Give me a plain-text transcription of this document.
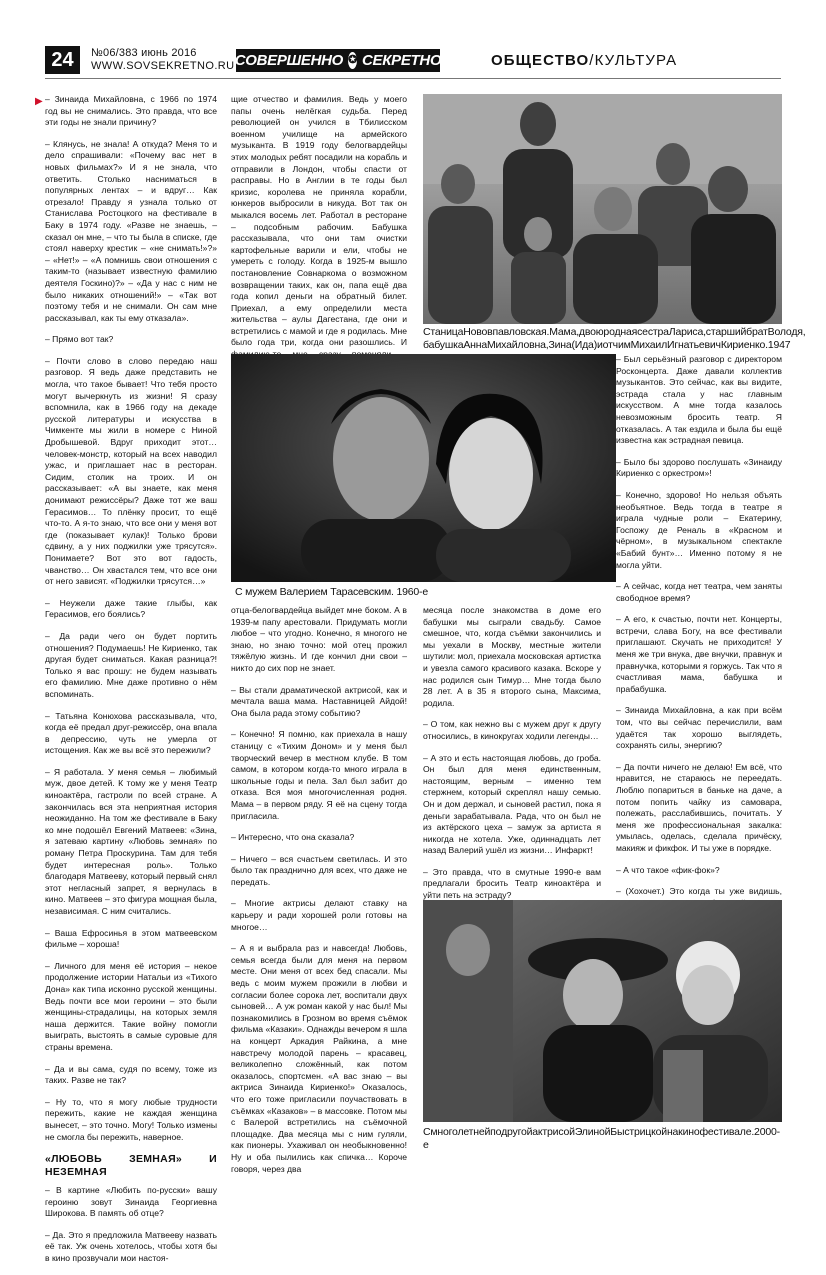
24	№06/383 июнь 2016
WWW.SOVSEKRETNO.RU СОВЕРШЕННО ✪ СЕКРЕТНО	ОБЩЕСТВО/КУЛЬТУРА
▶ – Зинаида Михайловна, с 1966 по 1974 год вы не снимались. Это правда, что все эти годы не знали причину?

– Клянусь, не знала! А откуда? Меня то и дело спрашивали: «Почему вас нет в новых фильмах?» И я не знала, что ответить. Столько насниматься в популярных лентах – и вдруг… Как отрезало! Правду я узнала только от Станислава Ростоцкого на фестивале в Баку в 1974 году. «Разве не знаешь, – сказал он мне, – что ты была в списке, где стоял наверху крестик – «не снимать!»?» – «Нет!» – «А помнишь свои отношения с таким-то (называет известную фамилию деятеля Госкино)?» – «Да у нас с ним не было никаких отношений!» – «Так вот поэтому тебя и не снимали. Он сам мне рассказывал, как ты ему отказала».

– Прямо вот так?

– Почти слово в слово передаю наш разговор. Я ведь даже представить не могла, что такое бывает! Что тебя просто могут вычеркнуть из жизни! Я сразу вспомнила, как в 1966 году на декаде русской литературы и искусства в Чимкенте мы жили в номере с Ниной Дробышевой. Вдруг приходит этот… человек-монстр, который на всех наводил ужас, и приглашает нас в ресторан. Сидим, столик на троих. И он рассказывает: «А вы знаете, как меня донимают режиссёры? Даже тот же ваш Герасимов… То плёнку просит, то ещё что-то. А я-то знаю, что все они у меня вот где (показывает кулак)! Только брови сдвину, а у них поджилки уже трясутся». Понимаете? Вот это вот гадость, чванство… Он хвастался тем, что все они от него зависят. «Поджилки трясутся…»

– Неужели даже такие глыбы, как Герасимов, его боялись?

– Да ради чего он будет портить отношения? Подумаешь! Не Кириенко, так другая будет сниматься. Какая разница?! Только я вас прошу: не будем называть его фамилию. Мне даже противно о нём вспоминать.

– Татьяна Конюхова рассказывала, что, когда её предал друг-режиссёр, она впала в депрессию, чуть не умерла от истощения. Как же вы всё это пережили?

– Я работала. У меня семья – любимый муж, двое детей. К тому же у меня Театр киноактёра, гастроли по всей стране. А закончилась вся эта неприятная история неожиданно. На том же фестивале в Баку ко мне подошёл Евгений Матвеев: «Зина, я затеваю картину «Любовь земная» по роману Петра Проскурина. Там для тебя будет интересная роль». Только благодаря Матвееву, который первый снял этот негласный запрет, я вернулась в кино. Матвеев – это фигура мощная была, независимая. С ним считались.

– Ваша Ефросинья в этом матвеевском фильме – хороша!

– Личного для меня её история – некое продолжение истории Натальи из «Тихого Дона» как типа исконно русской женщины. Ведь почти все мои героини – это были женщины-страдалицы, на которых земля наша держится. Такие войну помогли выиграть, выстоять в самые суровые для страны времена.

– Да и вы сама, судя по всему, тоже из таких. Разве не так?

– Ну то, что я могу любые трудности пережить, какие не каждая женщина вынесет, – это точно. Могу! Только измены не смогла бы пережить, наверное.

«ЛЮБОВЬ ЗЕМНАЯ» И НЕЗЕМНАЯ

– В картине «Любить по-русски» вашу героиню зовут Зинаида Георгиевна Широкова. В память об отце?

– Да. Это я предложила Матвееву назвать её так. Уж очень хотелось, чтобы хотя бы в кино прозвучали мои настоя-

щие отчество и фамилия. Ведь у моего папы очень нелёгкая судьба. Перед революцией он учился в Тбилисском военном училище на армейского музыканта. В 1919 году белогвардейцы этих молодых ребят посадили на корабль и отправили в Лондон, чтобы спасти от расправы. Но в Англии в те годы был кризис, королева не приняла корабли, юнкеров выбросили в никуда. Вот так он мыкался восемь лет. Работал в ресторане – подсобным рабочим. Бабушка рассказывала, что они там очистки картофельные варили и ели, чтобы не умереть с голоду. Когда в 1925-м вышло постановление Совнаркома о возможном возвращении таких, как он, папа ещё два года копил деньги на обратный билет. Приехал, а ему определили места жительства – аулы Дагестана, где они и встретились с мамой и где я родилась. Мне было года три, когда они разошлись. И

СтаницаНововпавловская.Мама,двоюроднаясестраЛариса,старшийбратВолодя, бабушкаАннаМихайловна,Зина(Ида)иотчимМихаилИгнатьевичКириенко.1947
С мужем Валерием Тарасевским. 1960-е

отца-белогвардейца выйдет мне боком. А в 1939-м папу арестовали. Придумать могли любое – что угодно. Конечно, я многого не знаю, но знаю точно: мой отец прожил тяжёлую жизнь. И где кончил дни свои – никто до сих пор не знает.

– Вы стали драматической актрисой, как и мечтала ваша мама. Наставницей Айдой! Она была рада этому событию?

– Конечно! Я помню, как приехала в нашу станицу с «Тихим Доном» и у меня был творческий вечер в местном клубе. В том самом, в котором когда-то много играла в школьные годы и пела. Зал был забит до отказа. Вся моя многочисленная родня. Мама – в первом ряду. Я её на сцену тогда пригласила.

– Интересно, что она сказала?

– Ничего – вся счастьем светилась. И это было так празднично для всех, что даже не передать.

– Многие актрисы делают ставку на карьеру и ради хорошей роли готовы на многое…

– А я и выбрала раз и навсегда! Любовь, семья всегда были для меня на первом месте. Они меня от всех бед спасали. Мы ведь с моим мужем прожили в любви и согласии более сорока лет, воспитали двух сыновей… А уж роман какой у нас был! Мы познакомились в Грозном во время съёмок фильма «Казаки». Однажды вечером я шла на концерт Аркадия Райкина, а мне навстречу молодой парень – красавец, великолепно сложённый, как потом оказалось, спортсмен. «А вас знаю – вы актриса Зинаида Кириенко!» Оказалось, что его тоже пригласили поучаствовать в съёмках «Казаков» – в массовке. Потом мы с Валерой встретились на съёмочной площадке. Два месяца мы с ним гуляли, как пионеры. Ухаживал он необыкновенно! Ну и оба пылились как спичка… Короче говоря, через два

месяца после знакомства в доме его бабушки мы сыграли свадьбу. Самое смешное, что, когда съёмки закончились и мы уехали в Москву, местные жители шутили: мол, приехала московская артистка и увезла самого красивого казака. Вскоре у нас родился сын Тимур… Мне тогда было 28 лет. А в 35 я второго сына, Максима, родила.

– О том, как нежно вы с мужем друг к другу относились, в кинокругах ходили легенды…

– А это и есть настоящая любовь, до гроба. Он был для меня единственным, настоящим, верным – именно тем стержнем, который скреплял нашу семью. Он и дом держал, и сыновей растил, пока я деньги зарабатывала. Рада, что он был не из актёрского цеха – замуж за артиста я никогда не хотела. Уже, одиннадцать лет назад Валерий ушёл из жизни… Инфаркт!

– Это правда, что в смутные 1990-е вам предлагали бросить Театр киноактёра и уйти петь на эстраду?

– Был серьёзный разговор с директором Росконцерта. Даже давали коллектив музыкантов. Это сейчас, как вы видите, эстрада стала у нас главным искусством. А мне тогда казалось невозможным бросить театр. Я отказалась. А так ездила и была бы ещё известна как эстрадная певица.

– Было бы здорово послушать «Зинаиду Кириенко с оркестром»!

– Конечно, здорово! Но нельзя объять необъятное. Ведь тогда в театре я играла чудные роли – Екатерину, Госпожу де Реналь в «Красном и чёрном», в музыкальном спектакле «Бабий бунт»… Именно потому я не могла уйти.

– А сейчас, когда нет театра, чем заняты свободное время?

– А его, к счастью, почти нет. Концерты, встречи, слава Богу, на все фестивали приглашают. Скучать не приходится! У меня же три внука, две внучки, правнук и правнучка, которыми я горжусь. Так что я счастливая мама, бабушка и прабабушка.

– Зинаида Михайловна, а как при всём том, что вы сейчас перечислили, вам удаётся так хорошо выглядеть, сохранять силы, энергию?

– Да почти ничего не делаю! Ем всё, что нравится, не стараюсь не переедать. Люблю попариться в баньке на даче, а потом попить чайку из самовара, полежать, расслабившись, почитать. У меня же профессиональная закалка: умылась, оделась, сделала причёску, макияж и фикфок. И ты уже в порядке.

– А что такое «фик-фок»?

– (Хохочет.) Это когда ты уже видишь,

СмноголетнейподругойактрисойЭлинойБыстрицкойнакинофестивале.2000-е
